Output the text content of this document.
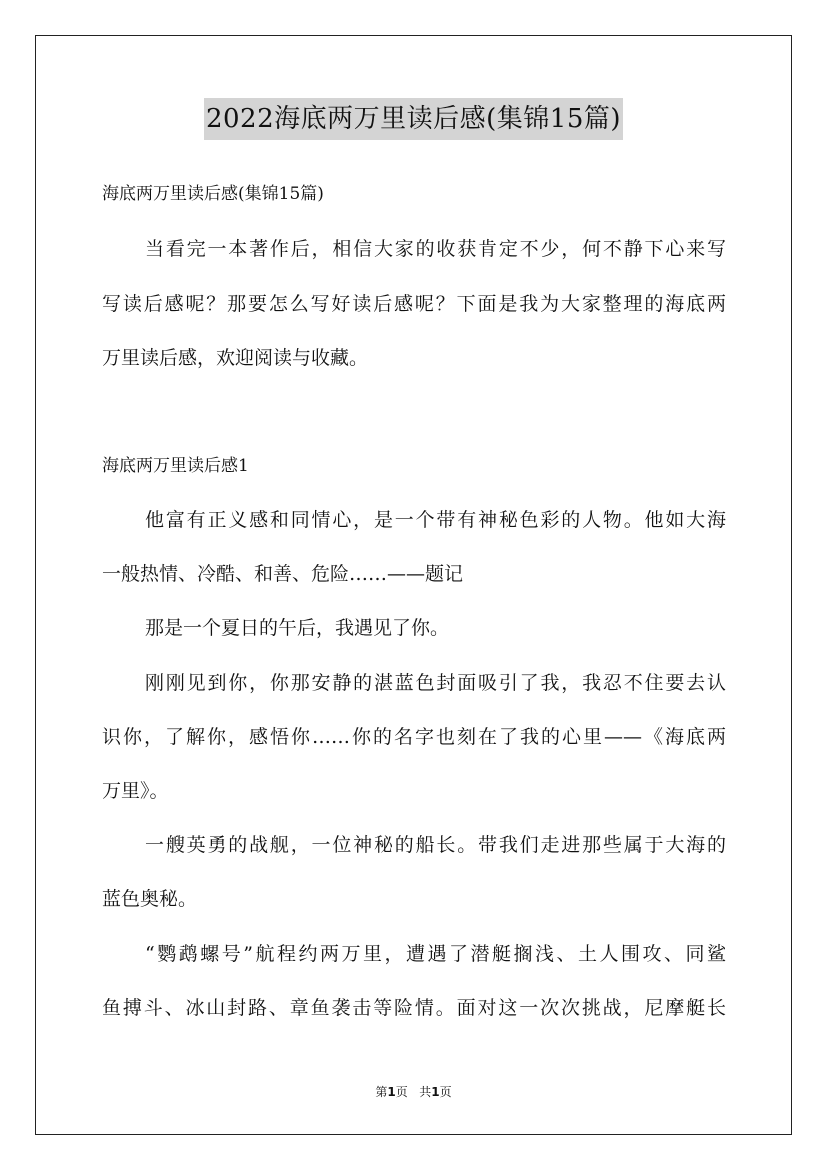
2022海底两万里读后感(集锦15篇)
海底两万里读后感(集锦15篇)
当看完一本著作后，相信大家的收获肯定不少，何不静下心来写
写读后感呢？那要怎么写好读后感呢？下面是我为大家整理的海底两
万里读后感，欢迎阅读与收藏。
海底两万里读后感1
他富有正义感和同情心，是一个带有神秘色彩的人物。他如大海
一般热情、冷酷、和善、危险……——题记
那是一个夏日的午后，我遇见了你。
刚刚见到你，你那安静的湛蓝色封面吸引了我，我忍不住要去认
识你，了解你，感悟你……你的名字也刻在了我的心里——《海底两
万里》。
一艘英勇的战舰，一位神秘的船长。带我们走进那些属于大海的
蓝色奥秘。
“鹦鹉螺号”航程约两万里，遭遇了潜艇搁浅、土人围攻、同鲨
鱼搏斗、冰山封路、章鱼袭击等险情。面对这一次次挑战，尼摩艇长
第1页 共1页
